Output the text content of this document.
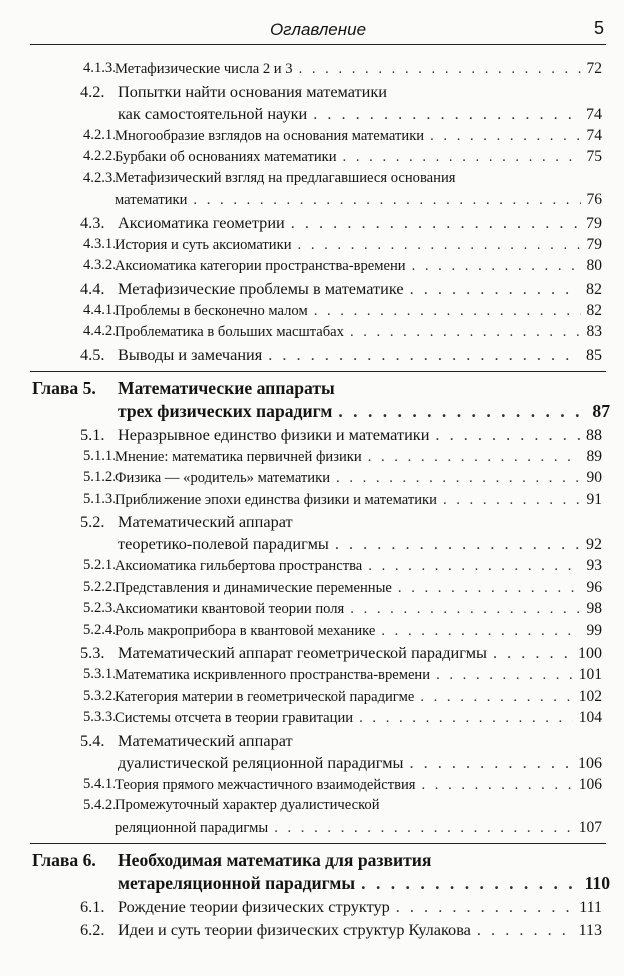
Оглавление	5
4.1.3. Метафизические числа 2 и 3 . . .	72
4.2. Попытки найти основания математики
как самостоятельной науки . . .	74
4.2.1. Многообразие взглядов на основания математики . . .	74
4.2.2. Бурбаки об основаниях математики . . .	75
4.2.3. Метафизический взгляд на предлагавшиеся основания
математики . . .	76
4.3. Аксиоматика геометрии . . .	79
4.3.1. История и суть аксиоматики . . .	79
4.3.2. Аксиоматика категории пространства-времени . . .	80
4.4. Метафизические проблемы в математике . . .	82
4.4.1. Проблемы в бесконечно малом . . .	82
4.4.2. Проблематика в больших масштабах . . .	83
4.5. Выводы и замечания . . .	85
Глава 5. Математические аппараты
трех физических парадигм . . .	87
5.1. Неразрывное единство физики и математики . . .	88
5.1.1. Мнение: математика первичней физики . . .	89
5.1.2. Физика — «родитель» математики . . .	90
5.1.3. Приближение эпохи единства физики и математики . . .	91
5.2. Математический аппарат
теоретико-полевой парадигмы . . .	92
5.2.1. Аксиоматика гильбертова пространства . . .	93
5.2.2. Представления и динамические переменные . . .	96
5.2.3. Аксиоматики квантовой теории поля . . .	98
5.2.4. Роль макроприбора в квантовой механике . . .	99
5.3. Математический аппарат геометрической парадигмы . . .	100
5.3.1. Математика искривленного пространства-времени . . .	101
5.3.2. Категория материи в геометрической парадигме . . .	102
5.3.3. Системы отсчета в теории гравитации . . .	104
5.4. Математический аппарат
дуалистической реляционной парадигмы . . .	106
5.4.1. Теория прямого межчастичного взаимодействия . . .	106
5.4.2. Промежуточный характер дуалистической
реляционной парадигмы . . .	107
Глава 6. Необходимая математика для развития
метареляционной парадигмы . . .	110
6.1. Рождение теории физических структур . . .	111
6.2. Идеи и суть теории физических структур Кулакова . . .	113
